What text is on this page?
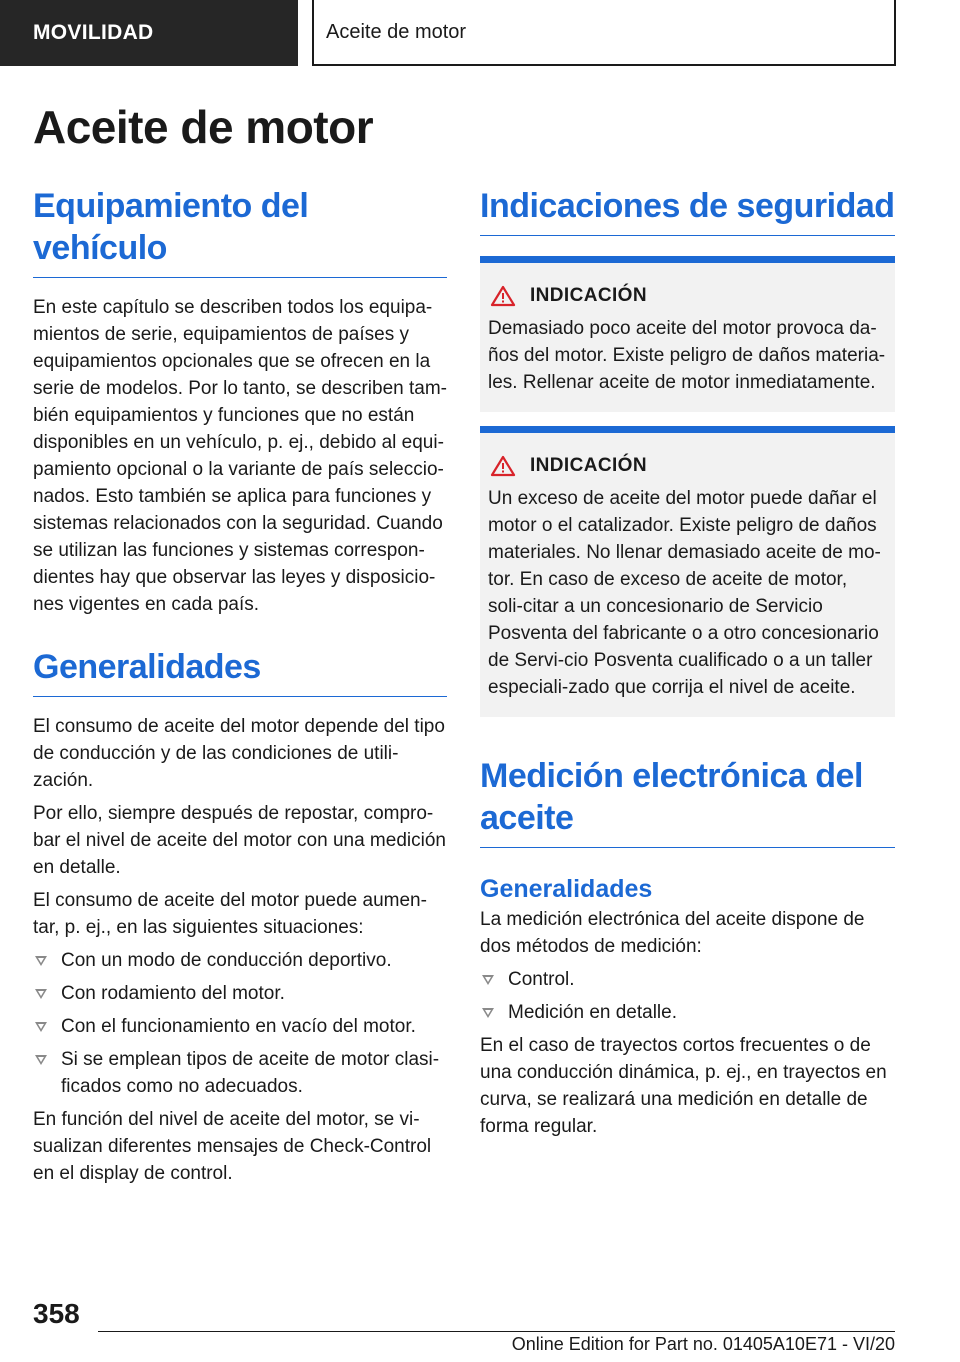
MOVILIDAD	Aceite de motor
Aceite de motor
Equipamiento del vehículo

En este capítulo se describen todos los equipa-mientos de serie, equipamientos de países y equipamientos opcionales que se ofrecen en la serie de modelos. Por lo tanto, se describen tam-bién equipamientos y funciones que no están disponibles en un vehículo, p. ej., debido al equi-pamiento opcional o la variante de país seleccio-nados. Esto también se aplica para funciones y sistemas relacionados con la seguridad. Cuando se utilizan las funciones y sistemas correspon-dientes hay que observar las leyes y disposicio-nes vigentes en cada país.

Generalidades

El consumo de aceite del motor depende del tipo de conducción y de las condiciones de utili-zación.

Por ello, siempre después de repostar, compro-bar el nivel de aceite del motor con una medición en detalle.

El consumo de aceite del motor puede aumen-tar, p. ej., en las siguientes situaciones:

Con un modo de conducción deportivo.
Con rodamiento del motor.
Con el funcionamiento en vacío del motor.
Si se emplean tipos de aceite de motor clasi-ficados como no adecuados.

En función del nivel de aceite del motor, se vi-sualizan diferentes mensajes de Check-Control en el display de control.

Indicaciones de seguridad
INDICACIÓN

Demasiado poco aceite del motor provoca da-ños del motor. Existe peligro de daños materia-les. Rellenar aceite de motor inmediatamente.

INDICACIÓN

Un exceso de aceite del motor puede dañar el motor o el catalizador. Existe peligro de daños materiales. No llenar demasiado aceite de mo-tor. En caso de exceso de aceite de motor, soli-citar a un concesionario de Servicio Posventa del fabricante o a otro concesionario de Servi-cio Posventa cualificado o a un taller especiali-zado que corrija el nivel de aceite.

Medición electrónica del aceite
Generalidades

La medición electrónica del aceite dispone de dos métodos de medición:

Control.
Medición en detalle.

En el caso de trayectos cortos frecuentes o de una conducción dinámica, p. ej., en trayectos en curva, se realizará una medición en detalle de forma regular.

358
Online Edition for Part no. 01405A10E71 - VI/20
